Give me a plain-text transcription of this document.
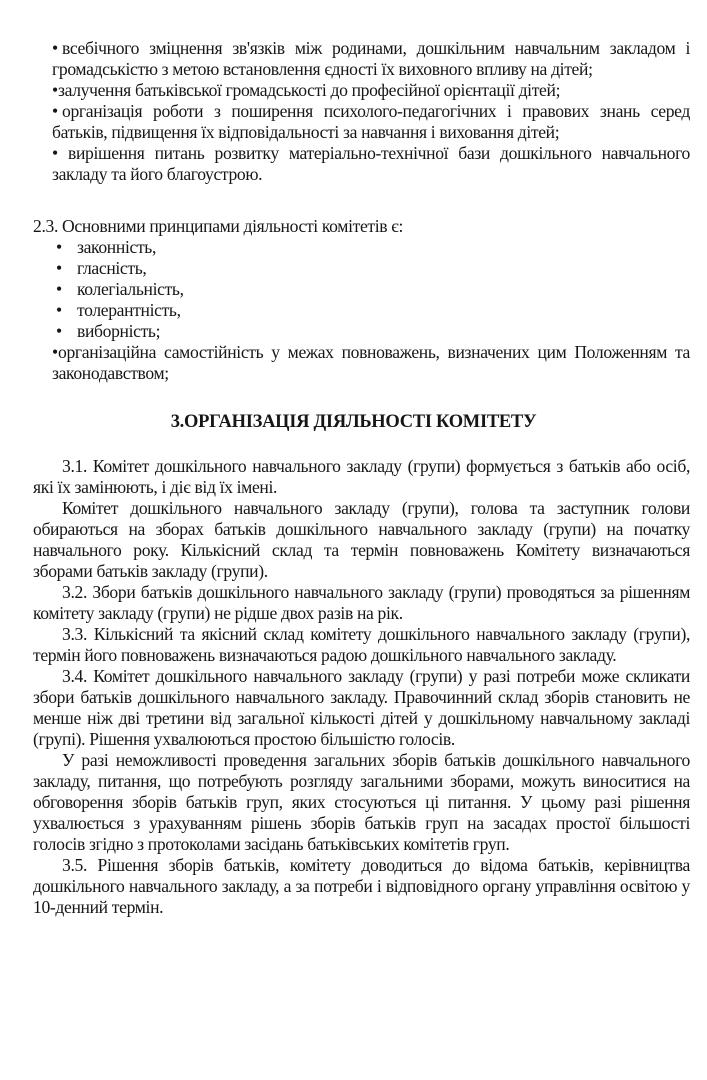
• всебічного зміцнення зв'язків між родинами, дошкільним навчальним закладом і громадськістю з метою встановлення єдності їх виховного впливу на дітей;

•залучення батьківської громадськості до професійної орієнтації дітей;

• організація роботи з поширення психолого-педагогічних і правових знань серед батьків, підвищення їх відповідальності за навчання і виховання дітей;

• вирішення питань розвитку матеріально-технічної бази дошкільного навчального закладу та його благоустрою.

2.3. Основними принципами діяльності комітетів є:

• законність,
• гласність,
• колегіальність,
• толерантність,
• виборність;

•організаційна самостійність у межах повноважень, визначених цим Положенням та законодавством;

3.ОРГАНІЗАЦІЯ ДІЯЛЬНОСТІ КОМІТЕТУ

3.1. Комітет дошкільного навчального закладу (групи) формується з батьків або осіб, які їх замінюють, і діє від їх імені.

Комітет дошкільного навчального закладу (групи), голова та заступник голови обираються на зборах батьків дошкільного навчального закладу (групи) на початку навчального року. Кількісний склад та термін повноважень Комітету визначаються зборами батьків закладу (групи).

3.2. Збори батьків дошкільного навчального закладу (групи) проводяться за рішенням комітету закладу (групи) не рідше двох разів на рік.

3.3. Кількісний та якісний склад комітету дошкільного навчального закладу (групи), термін його повноважень визначаються радою дошкільного навчального закладу.

3.4. Комітет дошкільного навчального закладу (групи) у разі потреби може скликати збори батьків дошкільного навчального закладу. Правочинний склад зборів становить не менше ніж дві третини від загальної кількості дітей у дошкільному навчальному закладі (групі). Рішення ухвалюються простою більшістю голосів.

У разі неможливості проведення загальних зборів батьків дошкільного навчального закладу, питання, що потребують розгляду загальними зборами, можуть виноситися на обговорення зборів батьків груп, яких стосуються ці питання. У цьому разі рішення ухвалюється з урахуванням рішень зборів батьків груп на засадах простої більшості голосів згідно з протоколами засідань батьківських комітетів груп.

3.5. Рішення зборів батьків, комітету доводиться до відома батьків, керівництва дошкільного навчального закладу, а за потреби і відповідного органу управління освітою у 10-денний термін.
